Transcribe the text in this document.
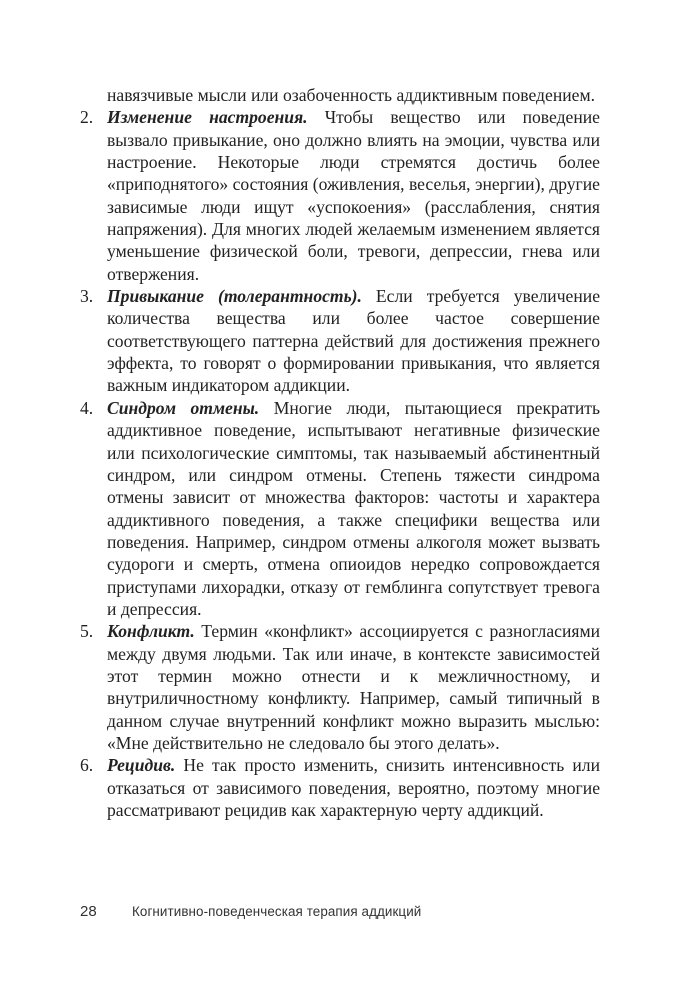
навязчивые мысли или озабоченность аддиктивным поведением.

2. Изменение настроения. Чтобы вещество или поведение вызвало привыкание, оно должно влиять на эмоции, чувства или настроение. Некоторые люди стремятся достичь более «приподнятого» состояния (оживления, веселья, энергии), другие зависимые люди ищут «успокоения» (расслабления, снятия напряжения). Для многих людей желаемым изменением является уменьшение физической боли, тревоги, депрессии, гнева или отвержения.

3. Привыкание (толерантность). Если требуется увеличение количества вещества или более частое совершение соответствующего паттерна действий для достижения прежнего эффекта, то говорят о формировании привыкания, что является важным индикатором аддикции.

4. Синдром отмены. Многие люди, пытающиеся прекратить аддиктивное поведение, испытывают негативные физические или психологические симптомы, так называемый абстинентный синдром, или синдром отмены. Степень тяжести синдрома отмены зависит от множества факторов: частоты и характера аддиктивного поведения, а также специфики вещества или поведения. Например, синдром отмены алкоголя может вызвать судороги и смерть, отмена опиоидов нередко сопровождается приступами лихорадки, отказу от гемблинга сопутствует тревога и депрессия.

5. Конфликт. Термин «конфликт» ассоциируется с разногласиями между двумя людьми. Так или иначе, в контексте зависимостей этот термин можно отнести и к межличностному, и внутриличностному конфликту. Например, самый типичный в данном случае внутренний конфликт можно выразить мыслью: «Мне действительно не следовало бы этого делать».

6. Рецидив. Не так просто изменить, снизить интенсивность или отказаться от зависимого поведения, вероятно, поэтому многие рассматривают рецидив как характерную черту аддикций.

28	Когнитивно-поведенческая терапия аддикций
